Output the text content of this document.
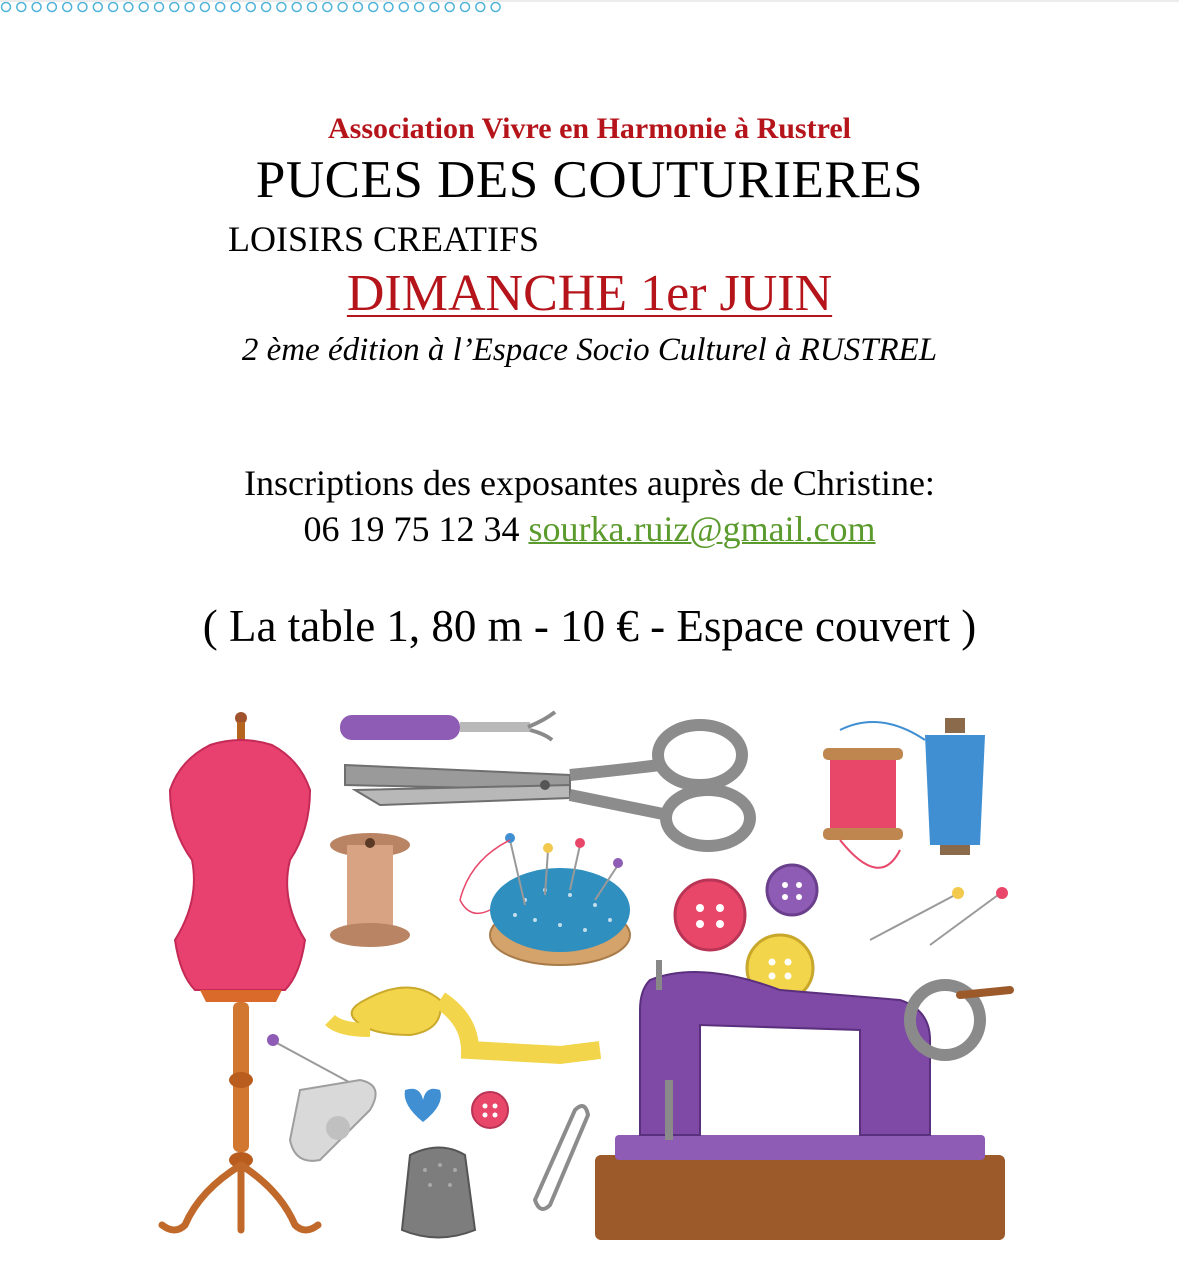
Association Vivre en Harmonie à Rustrel
PUCES DES COUTURIERES
LOISIRS CREATIFS
DIMANCHE 1er JUIN
2 ème édition à l’Espace Socio Culturel à RUSTREL
Inscriptions des exposantes auprès de Christine:
06 19 75 12 34 sourka.ruiz@gmail.com
( La table 1, 80 m - 10 € - Espace couvert )
